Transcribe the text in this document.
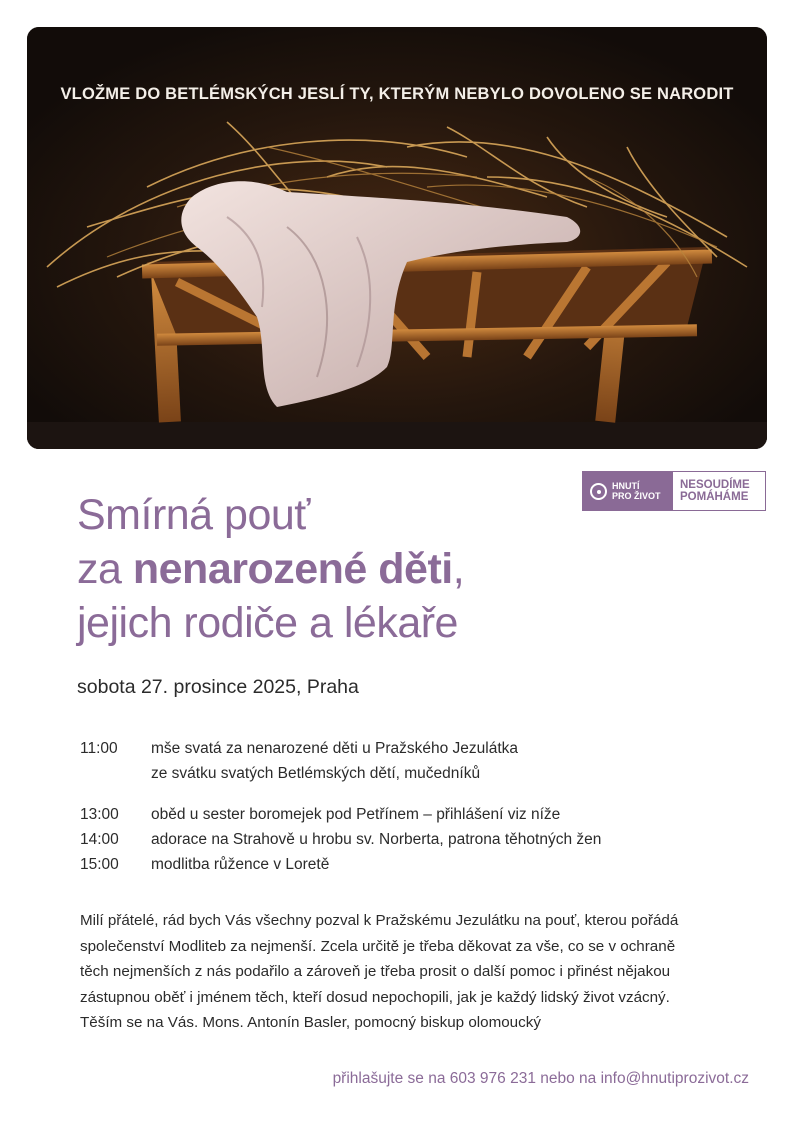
VLOŽME DO BETLÉMSKÝCH JESLÍ TY, KTERÝM NEBYLO DOVOLENO SE NARODIT
HNUTÍ
PRO ŽIVOT
NESOUDÍME
POMÁHÁME
Smírná pouť
za nenarozené děti,
jejich rodiče a lékaře
sobota 27. prosince 2025, Praha
11:00	mše svatá za nenarozené děti u Pražského Jezulátka
ze svátku svatých Betlémských dětí, mučedníků
13:00	oběd u sester boromejek pod Petřínem – přihlášení viz níže
14:00	adorace na Strahově u hrobu sv. Norberta, patrona těhotných žen
15:00	modlitba růžence v Loretě

Milí přátelé, rád bych Vás všechny pozval k Pražskému Jezulátku na pouť, kterou pořádá

společenství Modliteb za nejmenší. Zcela určitě je třeba děkovat za vše, co se v ochraně

těch nejmenších z nás podařilo a zároveň je třeba prosit o další pomoc i přinést nějakou

zástupnou oběť i jménem těch, kteří dosud nepochopili, jak je každý lidský život vzácný.

Těším se na Vás. Mons. Antonín Basler, pomocný biskup olomoucký

přihlašujte se na 603 976 231 nebo na info@hnutiprozivot.cz
